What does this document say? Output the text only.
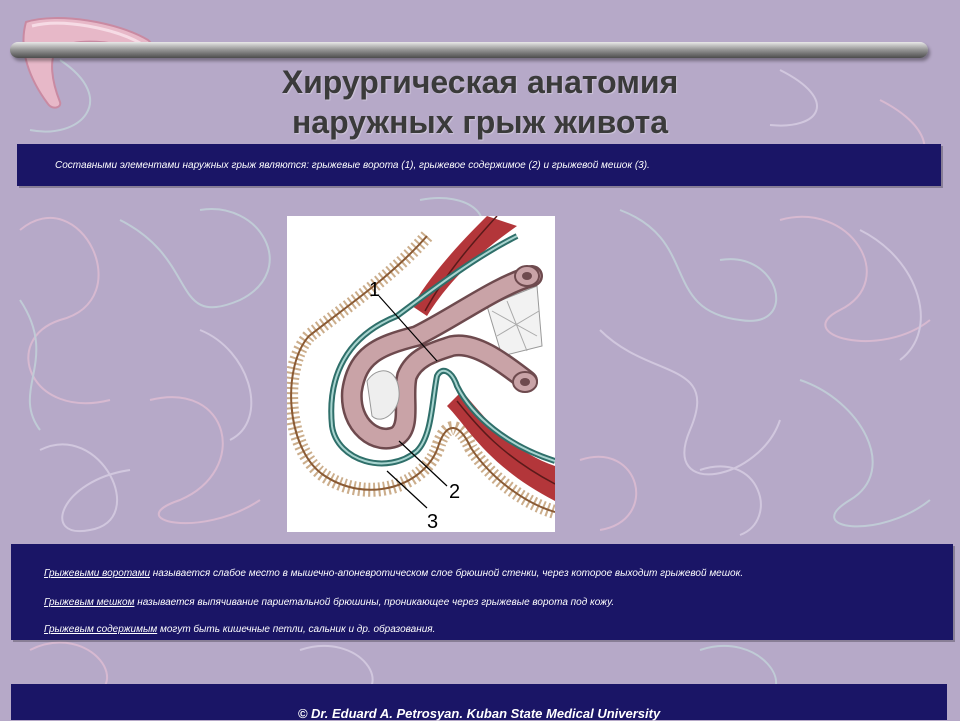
Хирургическая анатомия
наружных грыж живота

Составными элементами наружных грыж являются: грыжевые ворота (1), грыжевое содержимое (2) и грыжевой мешок (3).

1
2
3

Грыжевыми воротами называется слабое место в мышечно-апоневротическом слое брюшной стенки, через которое выходит грыжевой мешок.

Грыжевым мешком называется выпячивание париетальной брюшины, проникающее через грыжевые ворота под кожу.

Грыжевым содержимым могут быть кишечные петли, сальник и др. образования.

© Dr. Eduard A. Petrosyan. Kuban State Medical University
